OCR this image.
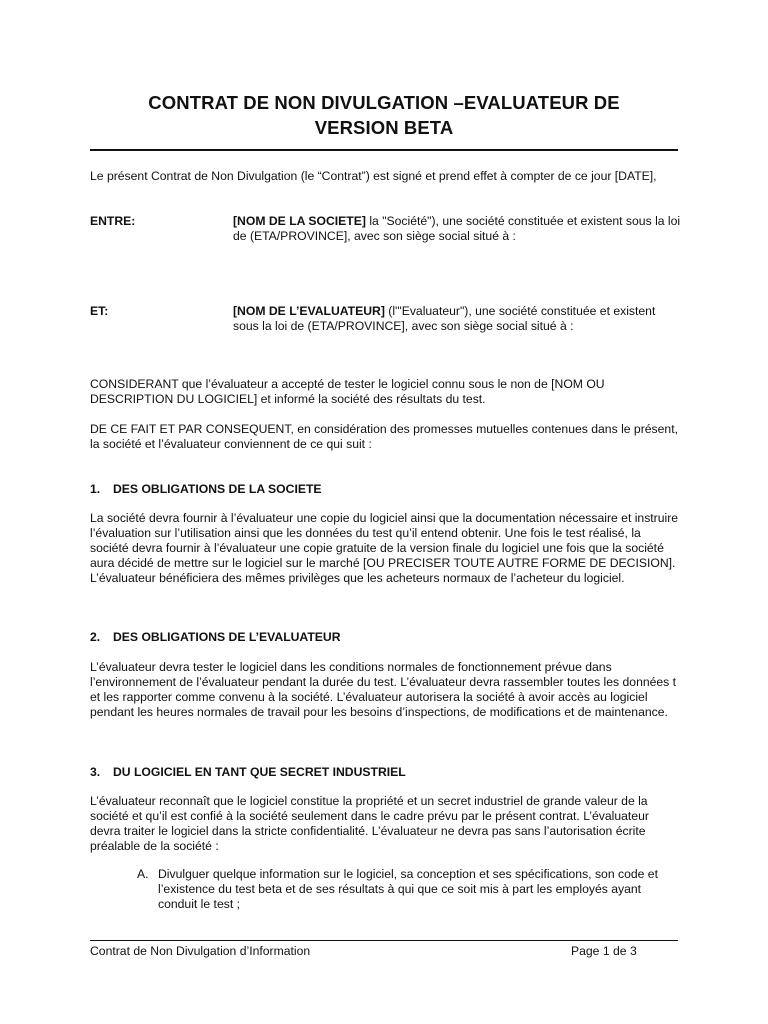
CONTRAT DE NON DIVULGATION –EVALUATEUR DE
VERSION BETA
Le présent Contrat de Non Divulgation (le “Contrat”) est signé et prend effet à compter de ce jour [DATE],
ENTRE:	[NOM DE LA SOCIETE] la "Société"), une société constituée et existent sous la loi de (ETA/PROVINCE], avec son siège social situé à :
ET:	[NOM DE L’EVALUATEUR] (l'"Evaluateur"), une société constituée et existent sous la loi de (ETA/PROVINCE], avec son siège social situé à :
CONSIDERANT que l’évaluateur a accepté de tester le logiciel connu sous le non de [NOM OU DESCRIPTION DU LOGICIEL] et informé la société des résultats du test.
DE CE FAIT ET PAR CONSEQUENT, en considération des promesses mutuelles contenues dans le présent, la société et l’évaluateur conviennent de ce qui suit :
1. DES OBLIGATIONS DE LA SOCIETE
La société devra fournir à l’évaluateur une copie du logiciel ainsi que la documentation nécessaire et instruire l’évaluation sur l’utilisation ainsi que les données du test qu’il entend obtenir. Une fois le test réalisé, la société devra fournir à l’évaluateur une copie gratuite de la version finale du logiciel une fois que la société aura décidé de mettre sur le logiciel sur le marché [OU PRECISER TOUTE AUTRE FORME DE DECISION]. L’évaluateur bénéficiera des mêmes privilèges que les acheteurs normaux de l’acheteur du logiciel.
2. DES OBLIGATIONS DE L’EVALUATEUR
L’évaluateur devra tester le logiciel dans les conditions normales de fonctionnement prévue dans l’environnement de l’évaluateur pendant la durée du test. L’évaluateur devra rassembler toutes les données t et les rapporter comme convenu à la société. L’évaluateur autorisera la société à avoir accès au logiciel pendant les heures normales de travail pour les besoins d’inspections, de modifications et de maintenance.
3. DU LOGICIEL EN TANT QUE SECRET INDUSTRIEL
L’évaluateur reconnaît que le logiciel constitue la propriété et un secret industriel de grande valeur de la société et qu’il est confié à la société seulement dans le cadre prévu par le présent contrat. L’évaluateur devra traiter le logiciel dans la stricte confidentialité. L’évaluateur ne devra pas sans l’autorisation écrite préalable de la société :
A. Divulguer quelque information sur le logiciel, sa conception et ses spécifications, son code et l’existence du test beta et de ses résultats à qui que ce soit mis à part les employés ayant conduit le test ;
Contrat de Non Divulgation d’Information	Page 1 de 3
